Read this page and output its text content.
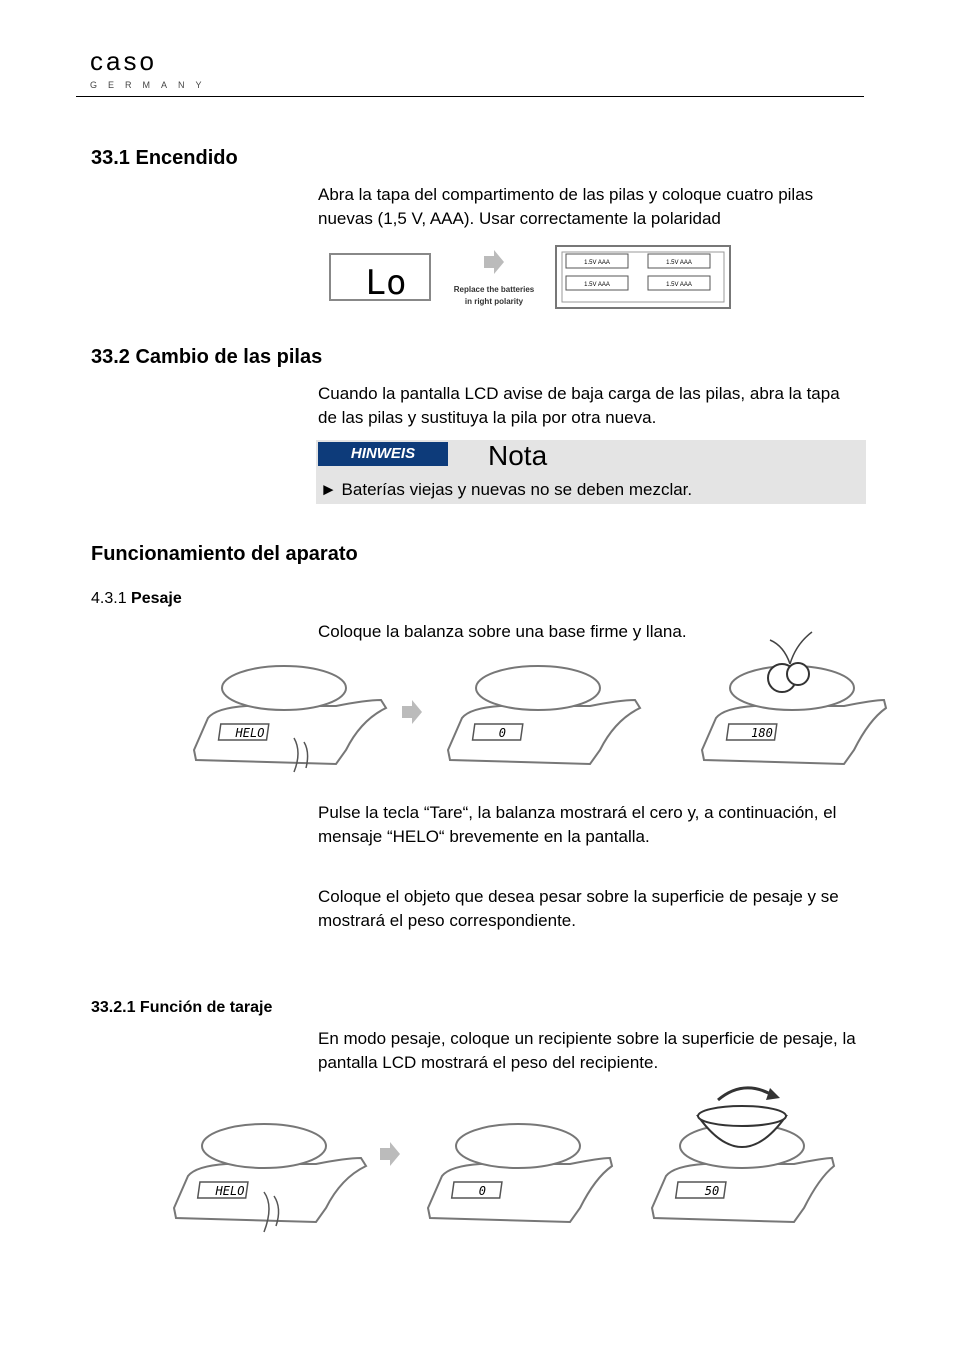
caso
GERMANY
33.1 Encendido

Abra la tapa del compartimento de las pilas y coloque cuatro pilas nuevas (1,5 V, AAA). Usar correctamente la polaridad

Lo	Replace the batteries
in right polarity
1.5V AAA	1.5V AAA
1.5V AAA	1.5V AAA
33.2 Cambio de las pilas

Cuando la pantalla LCD avise de baja carga de las pilas, abra la tapa de las pilas y sustituya la pila por otra nueva.

HINWEIS	Nota
► Baterías viejas y nuevas no se deben mezclar.
Funcionamiento del aparato
4.3.1 Pesaje

Coloque la balanza sobre una base firme y llana.

HELO	0	180

Pulse la tecla “Tare“, la balanza mostrará el cero y, a continuación, el mensaje “HELO“ brevemente en la pantalla.

Coloque el objeto que desea pesar sobre la superficie de pesaje y se mostrará el peso correspondiente.

33.2.1 Función de taraje

En modo pesaje, coloque un recipiente sobre la superficie de pesaje, la pantalla LCD mostrará el peso del recipiente.

HELO	0	50
